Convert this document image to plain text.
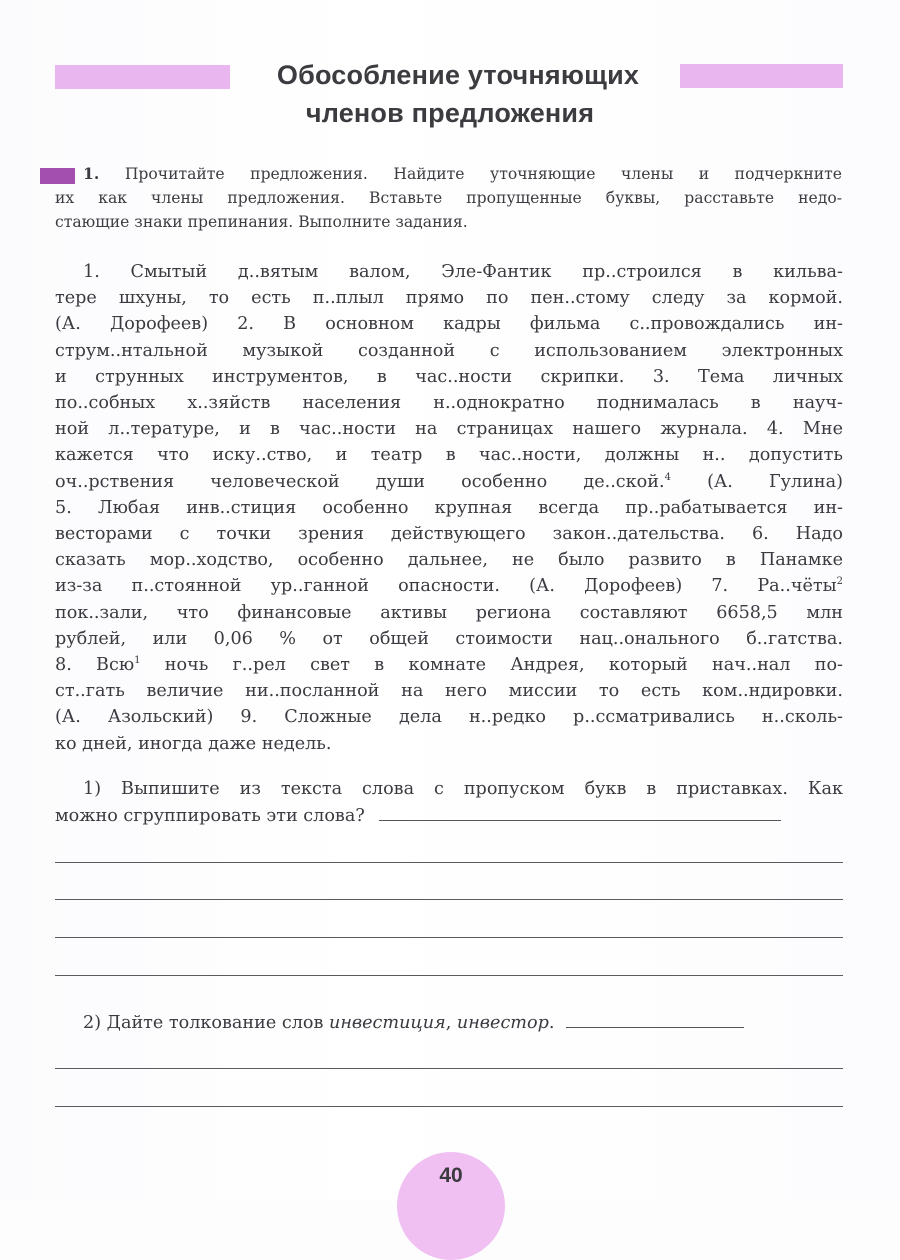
Обособление уточняющих
членов предложения
1. Прочитайте предложения. Найдите уточняющие члены и подчеркните
их как члены предложения. Вставьте пропущенные буквы, расставьте недо-
стающие знаки препинания. Выполните задания.
1. Смытый д..вятым валом, Эле-Фантик пр..строился в кильва-
тере шхуны, то есть п..плыл прямо по пен..стому следу за кормой.
(А. Дорофеев) 2. В основном кадры фильма с..провождались ин-
струм..нтальной музыкой созданной с использованием электронных
и струнных инструментов, в час..ности скрипки. 3. Тема личных
по..собных х..зяйств населения н..однократно поднималась в науч-
ной л..тературе, и в час..ности на страницах нашего журнала. 4. Мне
кажется что иску..ство, и театр в час..ности, должны н.. допустить
оч..рствения человеческой души особенно де..ской.$^4$ (А. Гулина)
5. Любая инв..стиция особенно крупная всегда пр..рабатывается ин-
весторами с точки зрения действующего закон..дательства. 6. Надо
сказать мор..ходство, особенно дальнее, не было развито в Панамке
из-за п..стоянной ур..ганной опасности. (А. Дорофеев) 7. Ра..чёты$^2$
пок..зали, что финансовые активы региона составляют 6658,5 млн
рублей, или 0,06 % от общей стоимости нац..онального б..гатства.
8. Всю$^1$ ночь г..рел свет в комнате Андрея, который нач..нал по-
ст..гать величие ни..посланной на него миссии то есть ком..ндировки.
(А. Азольский) 9. Сложные дела н..редко р..ссматривались н..сколь-
ко дней, иногда даже недель.
1) Выпишите из текста слова с пропуском букв в приставках. Как
можно сгруппировать эти слова?
2) Дайте толкование слов инвестиция, инвестор.
40
